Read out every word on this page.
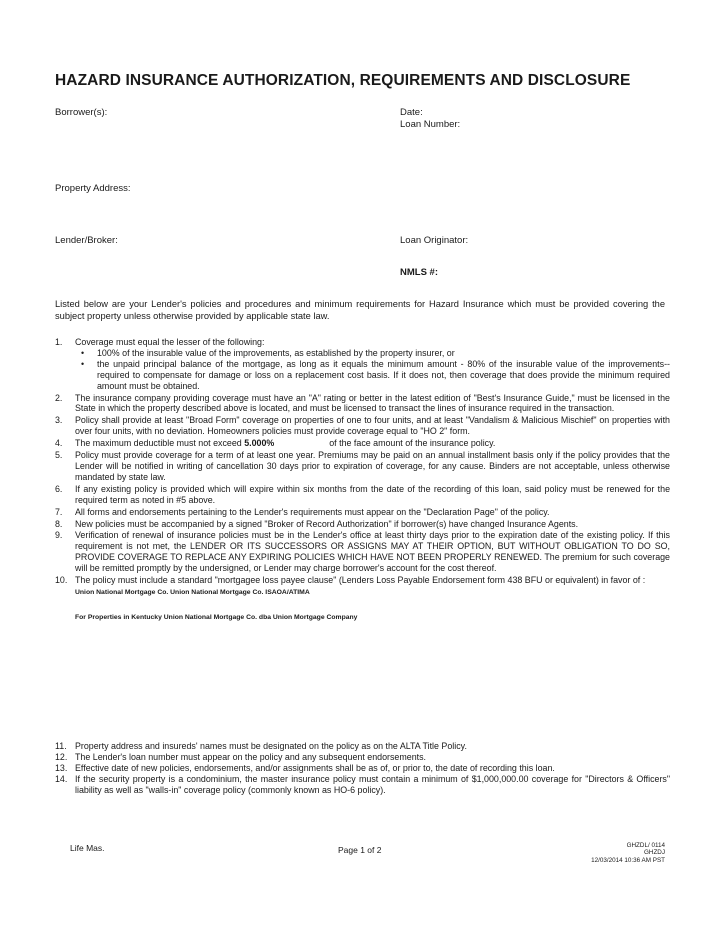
HAZARD INSURANCE AUTHORIZATION, REQUIREMENTS AND DISCLOSURE
Borrower(s):	Date:
Loan Number:
Property Address:
Lender/Broker:	Loan Originator:
NMLS #:
Listed below are your Lender's policies and procedures and minimum requirements for Hazard Insurance which must be provided covering the subject property unless otherwise provided by applicable state law.
1. Coverage must equal the lesser of the following:
• 100% of the insurable value of the improvements, as established by the property insurer, or
• the unpaid principal balance of the mortgage, as long as it equals the minimum amount - 80% of the insurable value of the improvements--required to compensate for damage or loss on a replacement cost basis. If it does not, then coverage that does provide the minimum required amount must be obtained.
2. The insurance company providing coverage must have an "A" rating or better in the latest edition of "Best's Insurance Guide," must be licensed in the State in which the property described above is located, and must be licensed to transact the lines of insurance required in the transaction.
3. Policy shall provide at least "Broad Form" coverage on properties of one to four units, and at least "Vandalism & Malicious Mischief" on properties with over four units, with no deviation. Homeowners policies must provide coverage equal to "HO 2" form.
4. The maximum deductible must not exceed 5.000%	of the face amount of the insurance policy.
5. Policy must provide coverage for a term of at least one year. Premiums may be paid on an annual installment basis only if the policy provides that the Lender will be notified in writing of cancellation 30 days prior to expiration of coverage, for any cause. Binders are not acceptable, unless otherwise mandated by state law.
6. If any existing policy is provided which will expire within six months from the date of the recording of this loan, said policy must be renewed for the required term as noted in #5 above.
7. All forms and endorsements pertaining to the Lender's requirements must appear on the "Declaration Page" of the policy.
8. New policies must be accompanied by a signed "Broker of Record Authorization" if borrower(s) have changed Insurance Agents.
9. Verification of renewal of insurance policies must be in the Lender's office at least thirty days prior to the expiration date of the existing policy. If this requirement is not met, the LENDER OR ITS SUCCESSORS OR ASSIGNS MAY AT THEIR OPTION, BUT WITHOUT OBLIGATION TO DO SO, PROVIDE COVERAGE TO REPLACE ANY EXPIRING POLICIES WHICH HAVE NOT BEEN PROPERLY RENEWED. The premium for such coverage will be remitted promptly by the undersigned, or Lender may charge borrower's account for the cost thereof.
10. The policy must include a standard "mortgagee loss payee clause" (Lenders Loss Payable Endorsement form 438 BFU or equivalent) in favor of :
Union National Mortgage Co. Union National Mortgage Co. ISAOA/ATIMA
For Properties in Kentucky Union National Mortgage Co. dba Union Mortgage Company
11. Property address and insureds' names must be designated on the policy as on the ALTA Title Policy.
12. The Lender's loan number must appear on the policy and any subsequent endorsements.
13. Effective date of new policies, endorsements, and/or assignments shall be as of, or prior to, the date of recording this loan.
14. If the security property is a condominium, the master insurance policy must contain a minimum of $1,000,000.00 coverage for "Directors & Officers" liability as well as "walls-in" coverage policy (commonly known as HO-6 policy).
Life Mas.	Page 1 of 2	GHZDL/ 0114
GHZDJ
12/03/2014 10:36 AM PST
